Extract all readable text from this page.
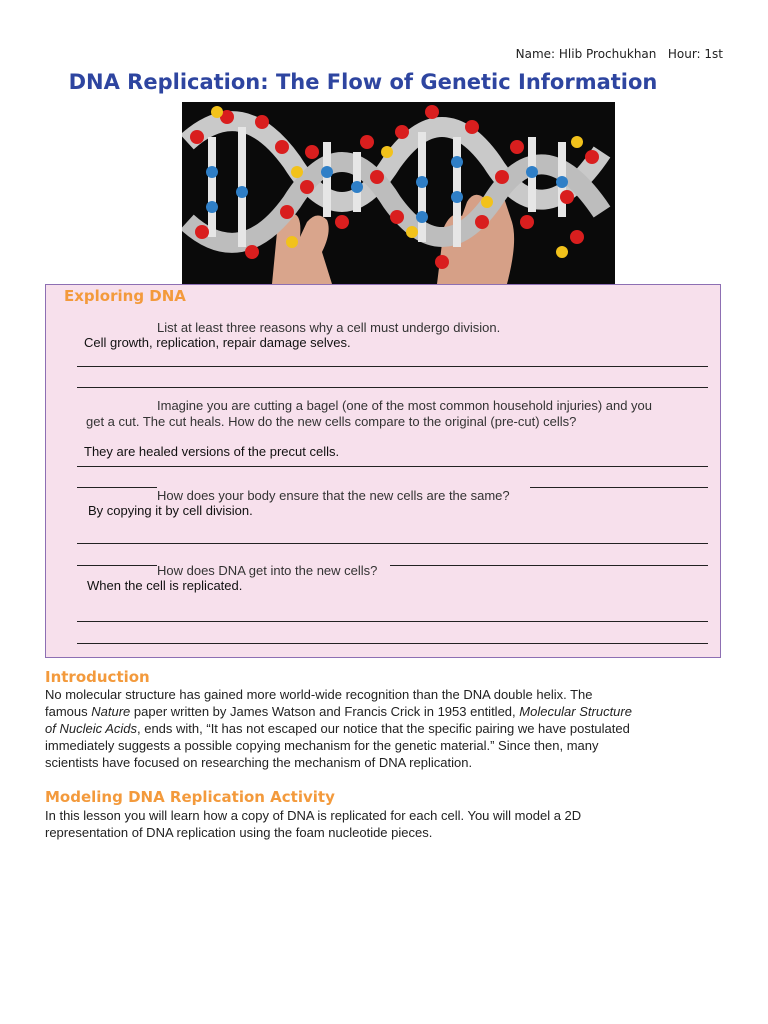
Name: Hlib Prochukhan Hour: 1st
DNA Replication: The Flow of Genetic Information
Exploring DNA
List at least three reasons why a cell must undergo division.
Cell growth, replication, repair damage selves.
Imagine you are cutting a bagel (one of the most common household injuries) and you
get a cut. The cut heals. How do the new cells compare to the original (pre-cut) cells?
They are healed versions of the precut cells.
How does your body ensure that the new cells are the same?
By copying it by cell division.
How does DNA get into the new cells?
When the cell is replicated.
Introduction
No molecular structure has gained more world-wide recognition than the DNA double helix. The
famous Nature paper written by James Watson and Francis Crick in 1953 entitled, Molecular Structure
of Nucleic Acids, ends with, “It has not escaped our notice that the specific pairing we have postulated
immediately suggests a possible copying mechanism for the genetic material.” Since then, many
scientists have focused on researching the mechanism of DNA replication.
Modeling DNA Replication Activity
In this lesson you will learn how a copy of DNA is replicated for each cell. You will model a 2D
representation of DNA replication using the foam nucleotide pieces.
